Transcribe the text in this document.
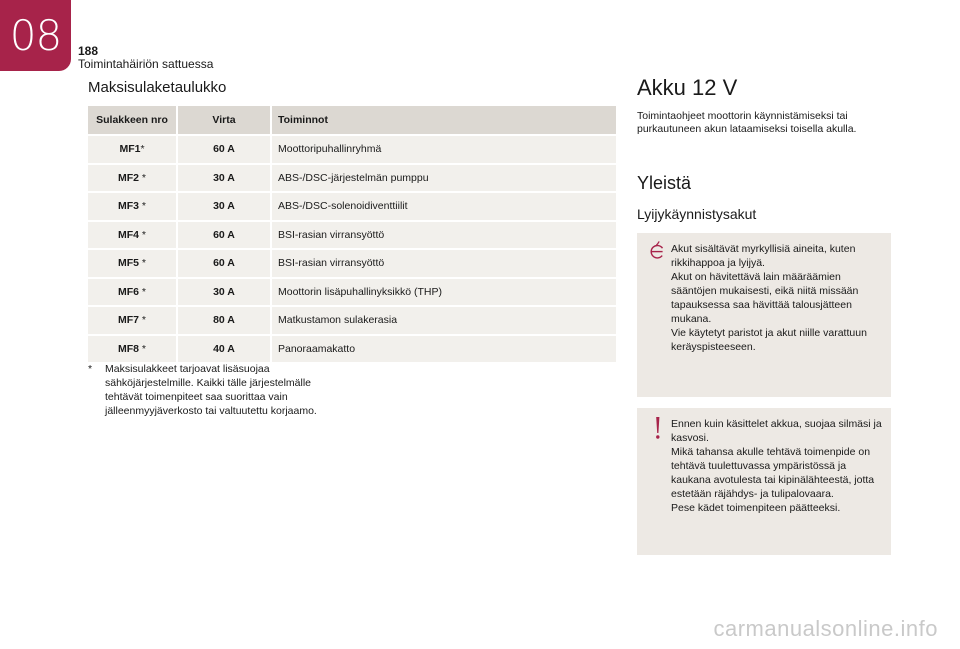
08	188
Toimintahäiriön sattuessa
Maksisulaketaulukko
Sulakkeen nro	Virta	Toiminnot
MF1*	60 A	Moottoripuhallinryhmä
MF2 *	30 A	ABS-/DSC-järjestelmän pumppu
MF3 *	30 A	ABS-/DSC-solenoidiventtiilit
MF4 *	60 A	BSI-rasian virransyöttö
MF5 *	60 A	BSI-rasian virransyöttö
MF6 *	30 A	Moottorin lisäpuhallinyksikkö (THP)
MF7 *	80 A	Matkustamon sulakerasia
MF8 *	40 A	Panoraamakatto
* Maksisulakkeet tarjoavat lisäsuojaa sähköjärjestelmille. Kaikki tälle järjestelmälle tehtävät toimenpiteet saa suorittaa vain jälleenmyyjäverkosto tai valtuutettu korjaamo.
Akku 12 V
Toimintaohjeet moottorin käynnistämiseksi tai purkautuneen akun lataamiseksi toisella akulla.
Yleistä
Lyijykäynnistysakut
Akut sisältävät myrkyllisiä aineita, kuten rikkihappoa ja lyijyä.
Akut on hävitettävä lain määräämien sääntöjen mukaisesti, eikä niitä missään tapauksessa saa hävittää talousjätteen mukana.
Vie käytetyt paristot ja akut niille varattuun keräyspisteeseen.
Ennen kuin käsittelet akkua, suojaa silmäsi ja kasvosi.
Mikä tahansa akulle tehtävä toimenpide on tehtävä tuulettuvassa ympäristössä ja kaukana avotulesta tai kipinälähteestä, jotta estetään räjähdys- ja tulipalovaara.
Pese kädet toimenpiteen päätteeksi.
carmanualsonline.info
